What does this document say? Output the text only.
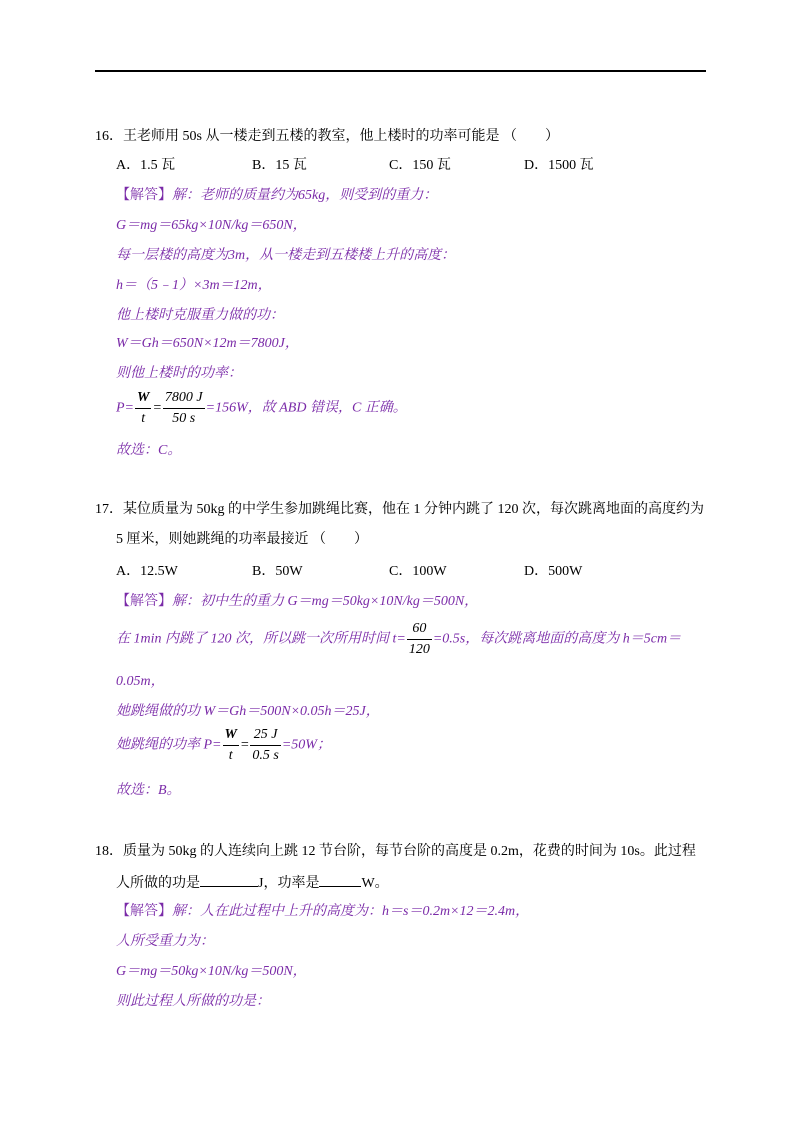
16．王老师用 50s 从一楼走到五楼的教室，他上楼时的功率可能是 （　　）
A．1.5 瓦	B．15 瓦	C．150 瓦	D．1500 瓦
【解答】解：老师的质量约为65kg，则受到的重力：
G＝mg＝65kg×10N/kg＝650N，
每一层楼的高度为3m，从一楼走到五楼楼上升的高度：
h＝（5﹣1）×3m＝12m，
他上楼时克服重力做的功：
W＝Gh＝650N×12m＝7800J，
则他上楼时的功率：
$P= \frac{W}{t} = \frac{7800 J}{50 s} =156W$，故 ABD 错误，C 正确。
故选：C。
17．某位质量为 50kg 的中学生参加跳绳比赛，他在 1 分钟内跳了 120 次，每次跳离地面的高度约为
5 厘米，则她跳绳的功率最接近 （　　）
A．12.5W	B．50W	C．100W	D．500W
【解答】解：初中生的重力 G＝mg＝50kg×10N/kg＝500N，
在 1min 内跳了 120 次，所以跳一次所用时间 $t= \frac{60}{120} =0.5s$，每次跳离地面的高度为 h＝5cm＝
0.05m，
她跳绳做的功 W＝Gh＝500N×0.05h＝25J，
她跳绳的功率 $P= \frac{W}{t} = \frac{25 J}{0.5 s} =50W$；
故选：B。
18．质量为 50kg 的人连续向上跳 12 节台阶，每节台阶的高度是 0.2m，花费的时间为 10s。此过程
人所做的功是	J，功率是	W。
【解答】解：人在此过程中上升的高度为：h＝s＝0.2m×12＝2.4m，
人所受重力为：
G＝mg＝50kg×10N/kg＝500N，
则此过程人所做的功是：
